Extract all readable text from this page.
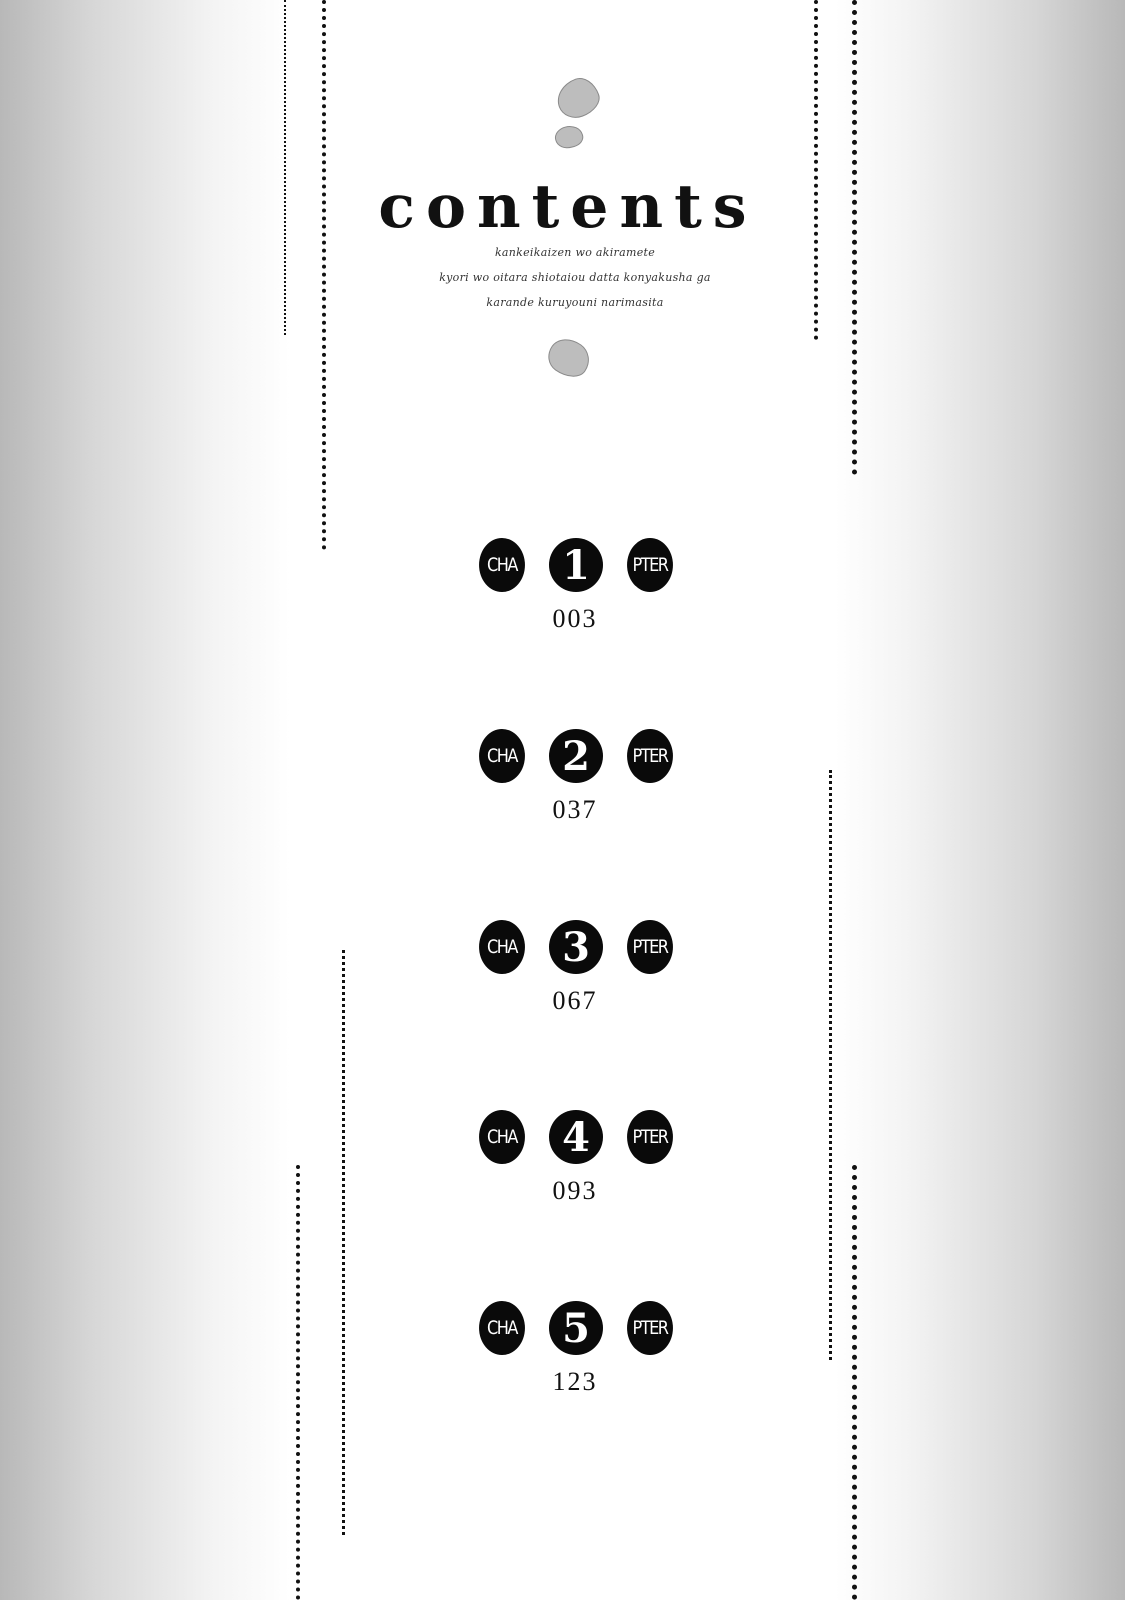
contents
kankeikaizen wo akiramete
kyori wo oitara shiotaiou datta konyakusha ga
karande kuruyouni narimasita
CHA	1	PTER
003
CHA	2	PTER
037
CHA	3	PTER
067
CHA	4	PTER
093
CHA	5	PTER
123
